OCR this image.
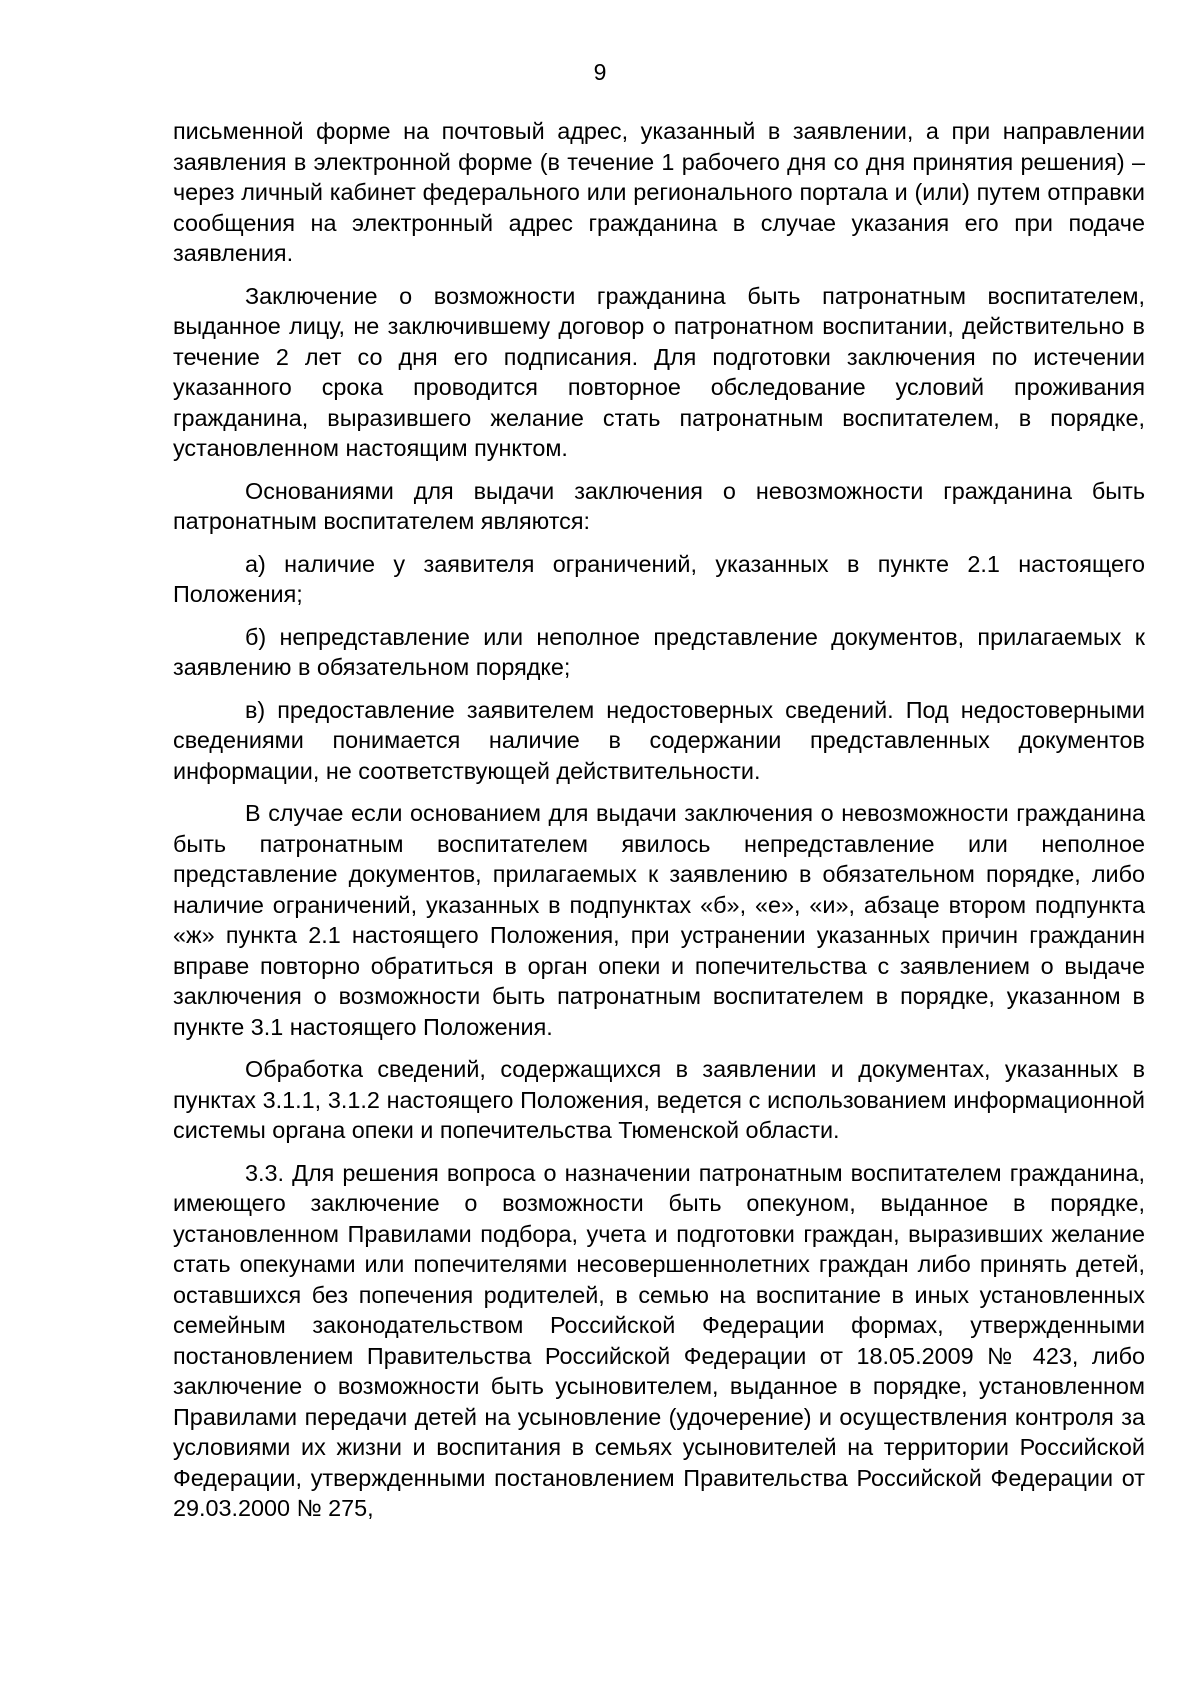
9

письменной форме на почтовый адрес, указанный в заявлении, а при направлении заявления в электронной форме (в течение 1 рабочего дня со дня принятия решения) – через личный кабинет федерального или регионального портала и (или) путем отправки сообщения на электронный адрес гражданина в случае указания его при подаче заявления.

Заключение о возможности гражданина быть патронатным воспитателем, выданное лицу, не заключившему договор о патронатном воспитании, действительно в течение 2 лет со дня его подписания. Для подготовки заключения по истечении указанного срока проводится повторное обследование условий проживания гражданина, выразившего желание стать патронатным воспитателем, в порядке, установленном настоящим пунктом.

Основаниями для выдачи заключения о невозможности гражданина быть патронатным воспитателем являются:

а) наличие у заявителя ограничений, указанных в пункте 2.1 настоящего Положения;

б) непредставление или неполное представление документов, прилагаемых к заявлению в обязательном порядке;

в) предоставление заявителем недостоверных сведений. Под недостоверными сведениями понимается наличие в содержании представленных документов информации, не соответствующей действительности.

В случае если основанием для выдачи заключения о невозможности гражданина быть патронатным воспитателем явилось непредставление или неполное представление документов, прилагаемых к заявлению в обязательном порядке, либо наличие ограничений, указанных в подпунктах «б», «е», «и», абзаце втором подпункта «ж» пункта 2.1 настоящего Положения, при устранении указанных причин гражданин вправе повторно обратиться в орган опеки и попечительства с заявлением о выдаче заключения о возможности быть патронатным воспитателем в порядке, указанном в пункте 3.1 настоящего Положения.

Обработка сведений, содержащихся в заявлении и документах, указанных в пунктах 3.1.1, 3.1.2 настоящего Положения, ведется с использованием информационной системы органа опеки и попечительства Тюменской области.

3.3. Для решения вопроса о назначении патронатным воспитателем гражданина, имеющего заключение о возможности быть опекуном, выданное в порядке, установленном Правилами подбора, учета и подготовки граждан, выразивших желание стать опекунами или попечителями несовершеннолетних граждан либо принять детей, оставшихся без попечения родителей, в семью на воспитание в иных установленных семейным законодательством Российской Федерации формах, утвержденными постановлением Правительства Российской Федерации от 18.05.2009 № 423, либо заключение о возможности быть усыновителем, выданное в порядке, установленном Правилами передачи детей на усыновление (удочерение) и осуществления контроля за условиями их жизни и воспитания в семьях усыновителей на территории Российской Федерации, утвержденными постановлением Правительства Российской Федерации от 29.03.2000 № 275,
